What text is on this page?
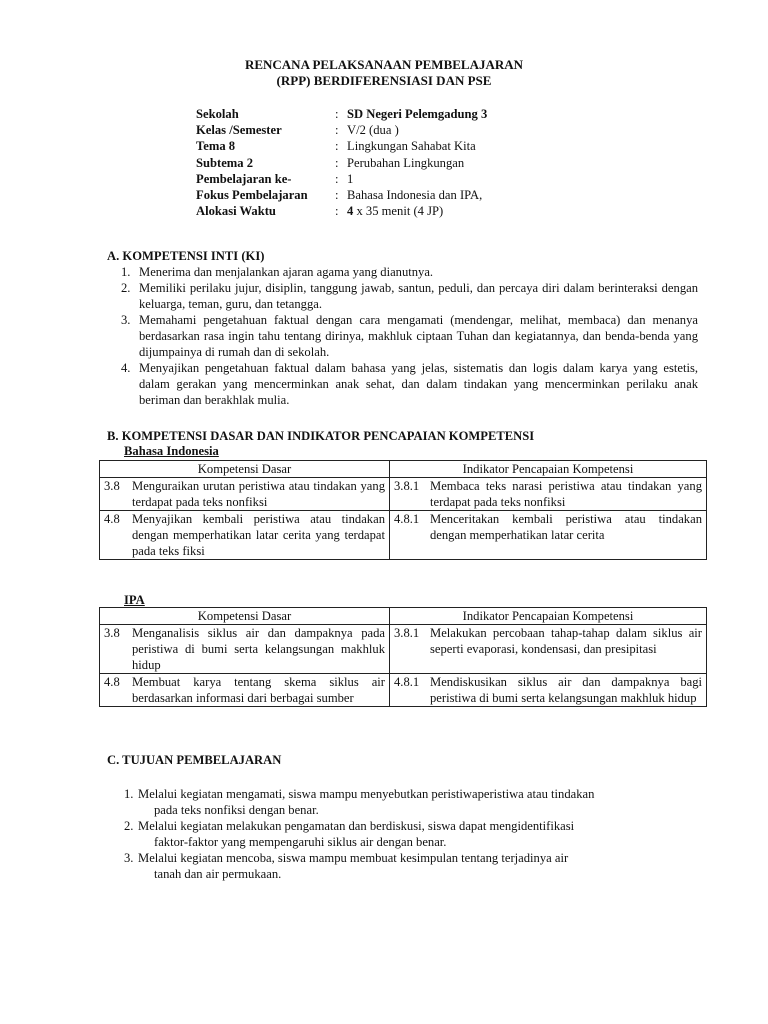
RENCANA PELAKSANAAN PEMBELAJARAN
(RPP) BERDIFERENSIASI DAN PSE
Sekolah	: SD Negeri Pelemgadung 3
Kelas /Semester	: V/2 (dua )
Tema 8	: Lingkungan Sahabat Kita
Subtema 2	: Perubahan Lingkungan
Pembelajaran ke-	: 1
Fokus Pembelajaran	: Bahasa Indonesia dan IPA,
Alokasi Waktu	: 4 x 35 menit (4 JP)
A. KOMPETENSI INTI (KI)
1. Menerima dan menjalankan ajaran agama yang dianutnya.
2. Memiliki perilaku jujur, disiplin, tanggung jawab, santun, peduli, dan percaya diri dalam berinteraksi dengan keluarga, teman, guru, dan tetangga.
3. Memahami pengetahuan faktual dengan cara mengamati (mendengar, melihat, membaca) dan menanya berdasarkan rasa ingin tahu tentang dirinya, makhluk ciptaan Tuhan dan kegiatannya, dan benda-benda yang dijumpainya di rumah dan di sekolah.
4. Menyajikan pengetahuan faktual dalam bahasa yang jelas, sistematis dan logis dalam karya yang estetis, dalam gerakan yang mencerminkan anak sehat, dan dalam tindakan yang mencerminkan perilaku anak beriman dan berakhlak mulia.
B. KOMPETENSI DASAR DAN INDIKATOR PENCAPAIAN KOMPETENSI
Bahasa Indonesia
Kompetensi Dasar	Indikator Pencapaian Kompetensi

3.8 Menguraikan urutan peristiwa atau tindakan yang terdapat pada teks nonfiksi	3.8.1 Membaca teks narasi peristiwa atau tindakan yang terdapat pada teks nonfiksi

4.8 Menyajikan kembali peristiwa atau tindakan dengan memperhatikan latar cerita yang terdapat pada teks fiksi	4.8.1 Menceritakan kembali peristiwa atau tindakan dengan memperhatikan latar cerita
IPA
Kompetensi Dasar	Indikator Pencapaian Kompetensi

3.8 Menganalisis siklus air dan dampaknya pada peristiwa di bumi serta kelangsungan makhluk hidup	3.8.1 Melakukan percobaan tahap-tahap dalam siklus air seperti evaporasi, kondensasi, dan presipitasi

4.8 Membuat karya tentang skema siklus air berdasarkan informasi dari berbagai sumber	4.8.1 Mendiskusikan siklus air dan dampaknya bagi peristiwa di bumi serta kelangsungan makhluk hidup
C. TUJUAN PEMBELAJARAN
1. Melalui kegiatan mengamati, siswa mampu menyebutkan peristiwaperistiwa atau tindakan
pada teks nonfiksi dengan benar.
2. Melalui kegiatan melakukan pengamatan dan berdiskusi, siswa dapat mengidentifikasi
faktor-faktor yang mempengaruhi siklus air dengan benar.
3. Melalui kegiatan mencoba, siswa mampu membuat kesimpulan tentang terjadinya air
tanah dan air permukaan.
